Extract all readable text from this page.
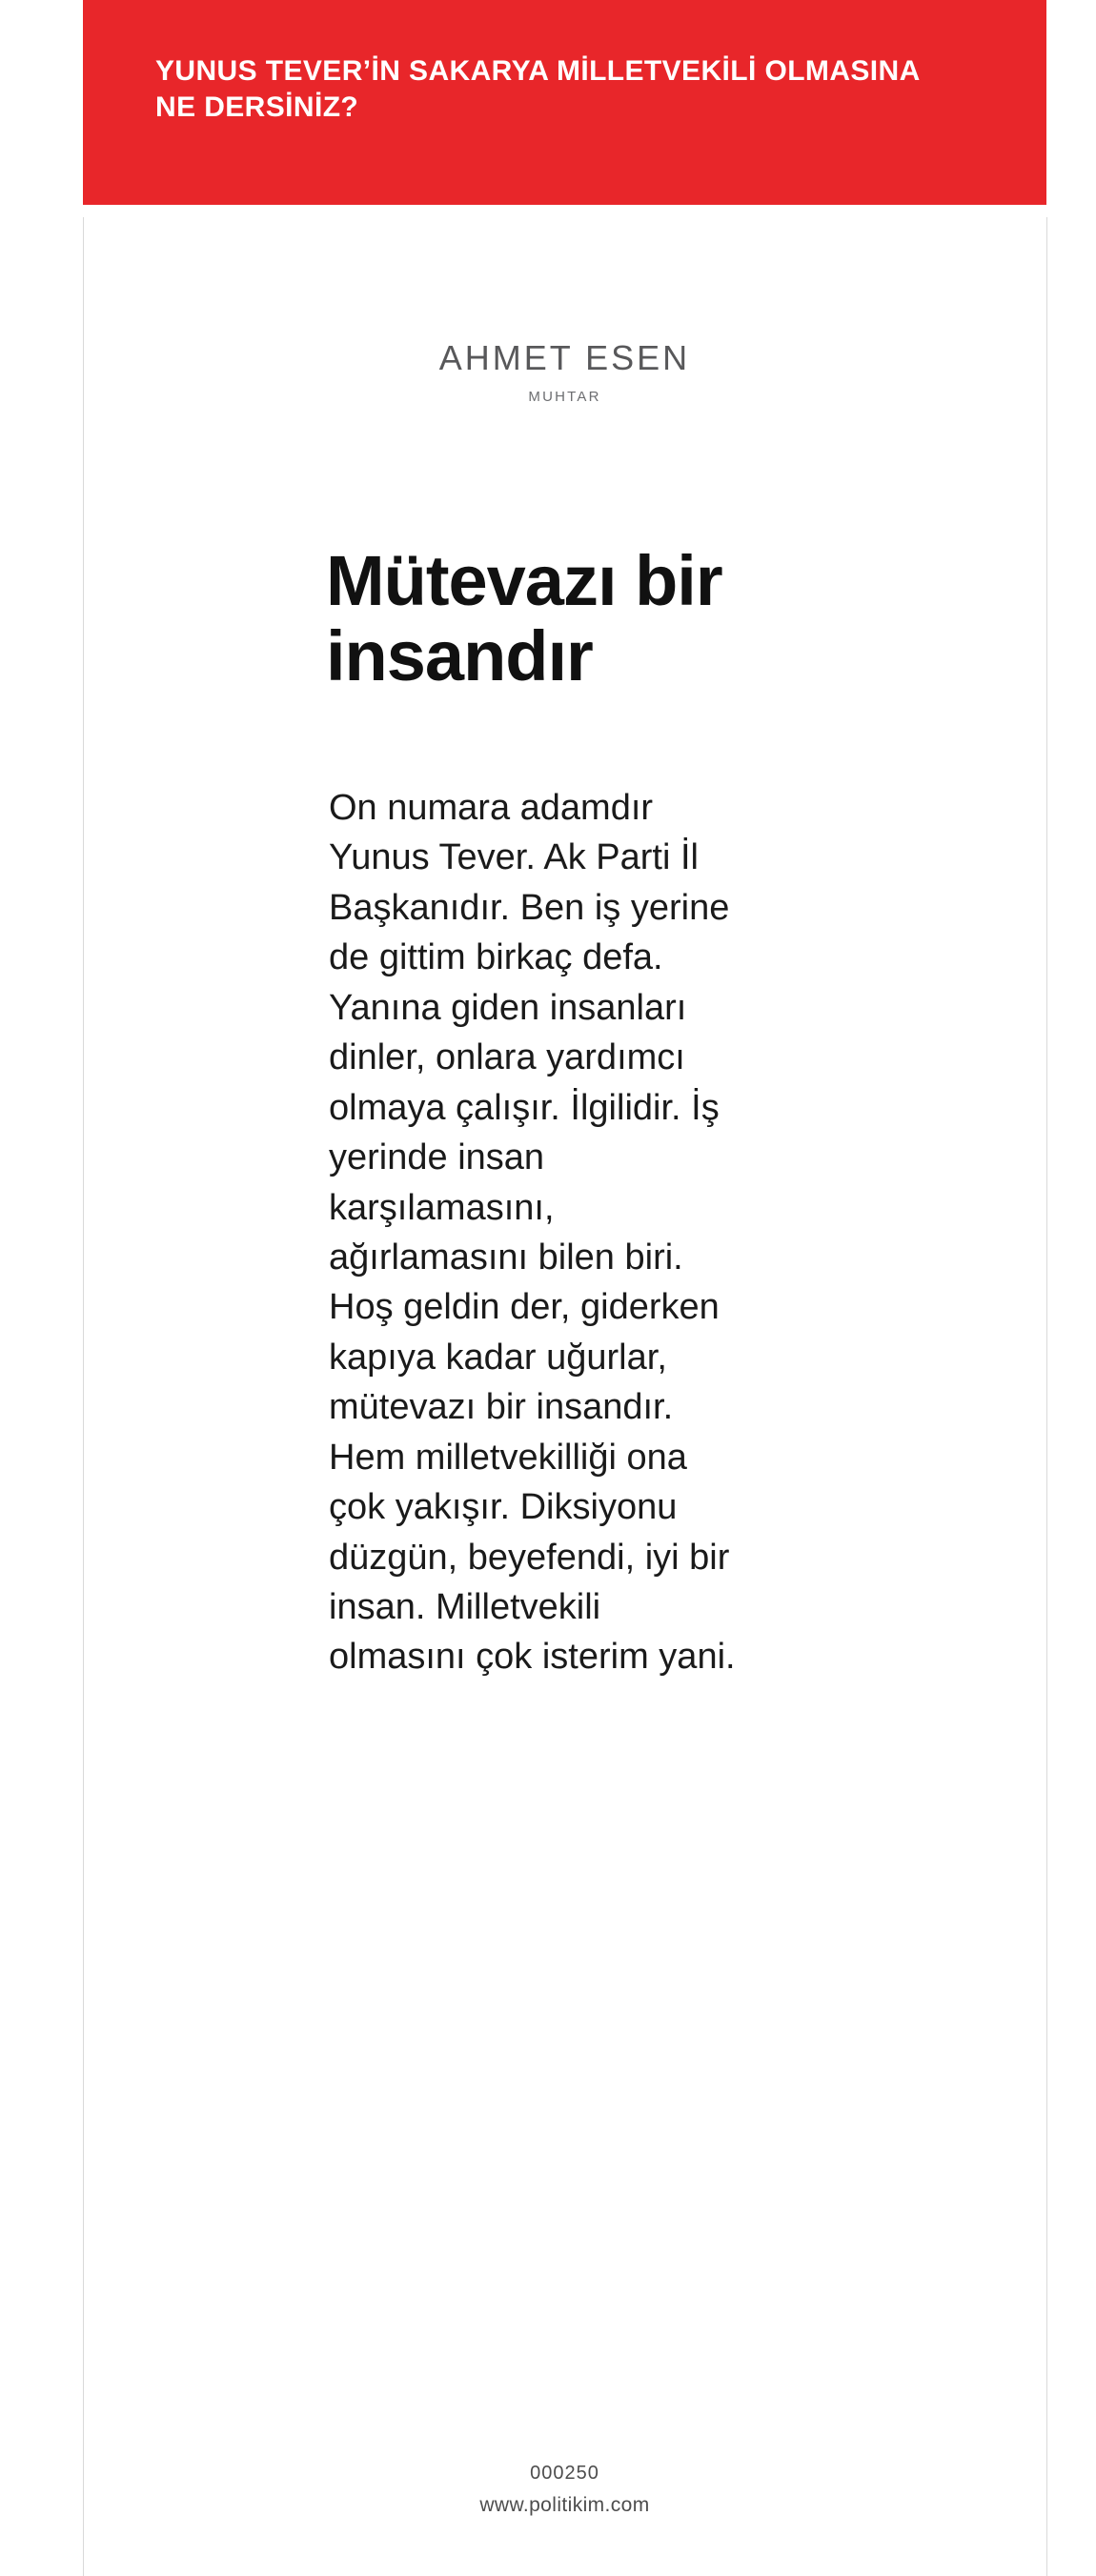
YUNUS TEVER’İN SAKARYA MİLLETVEKİLİ OLMASINA NE DERSİNİZ?
AHMET ESEN
MUHTAR
Mütevazı bir insandır
On numara adamdır Yunus Tever. Ak Parti İl Başkanıdır. Ben iş yerine de gittim birkaç defa. Yanına giden insanları dinler, onlara yardımcı olmaya çalışır. İlgilidir. İş yerinde insan karşılamasını, ağırlamasını bilen biri. Hoş geldin der, giderken kapıya kadar uğurlar, mütevazı bir insandır. Hem milletvekilliği ona çok yakışır. Diksiyonu düzgün, beyefendi, iyi bir insan. Milletvekili olmasını çok isterim yani.
000250
www.politikim.com
